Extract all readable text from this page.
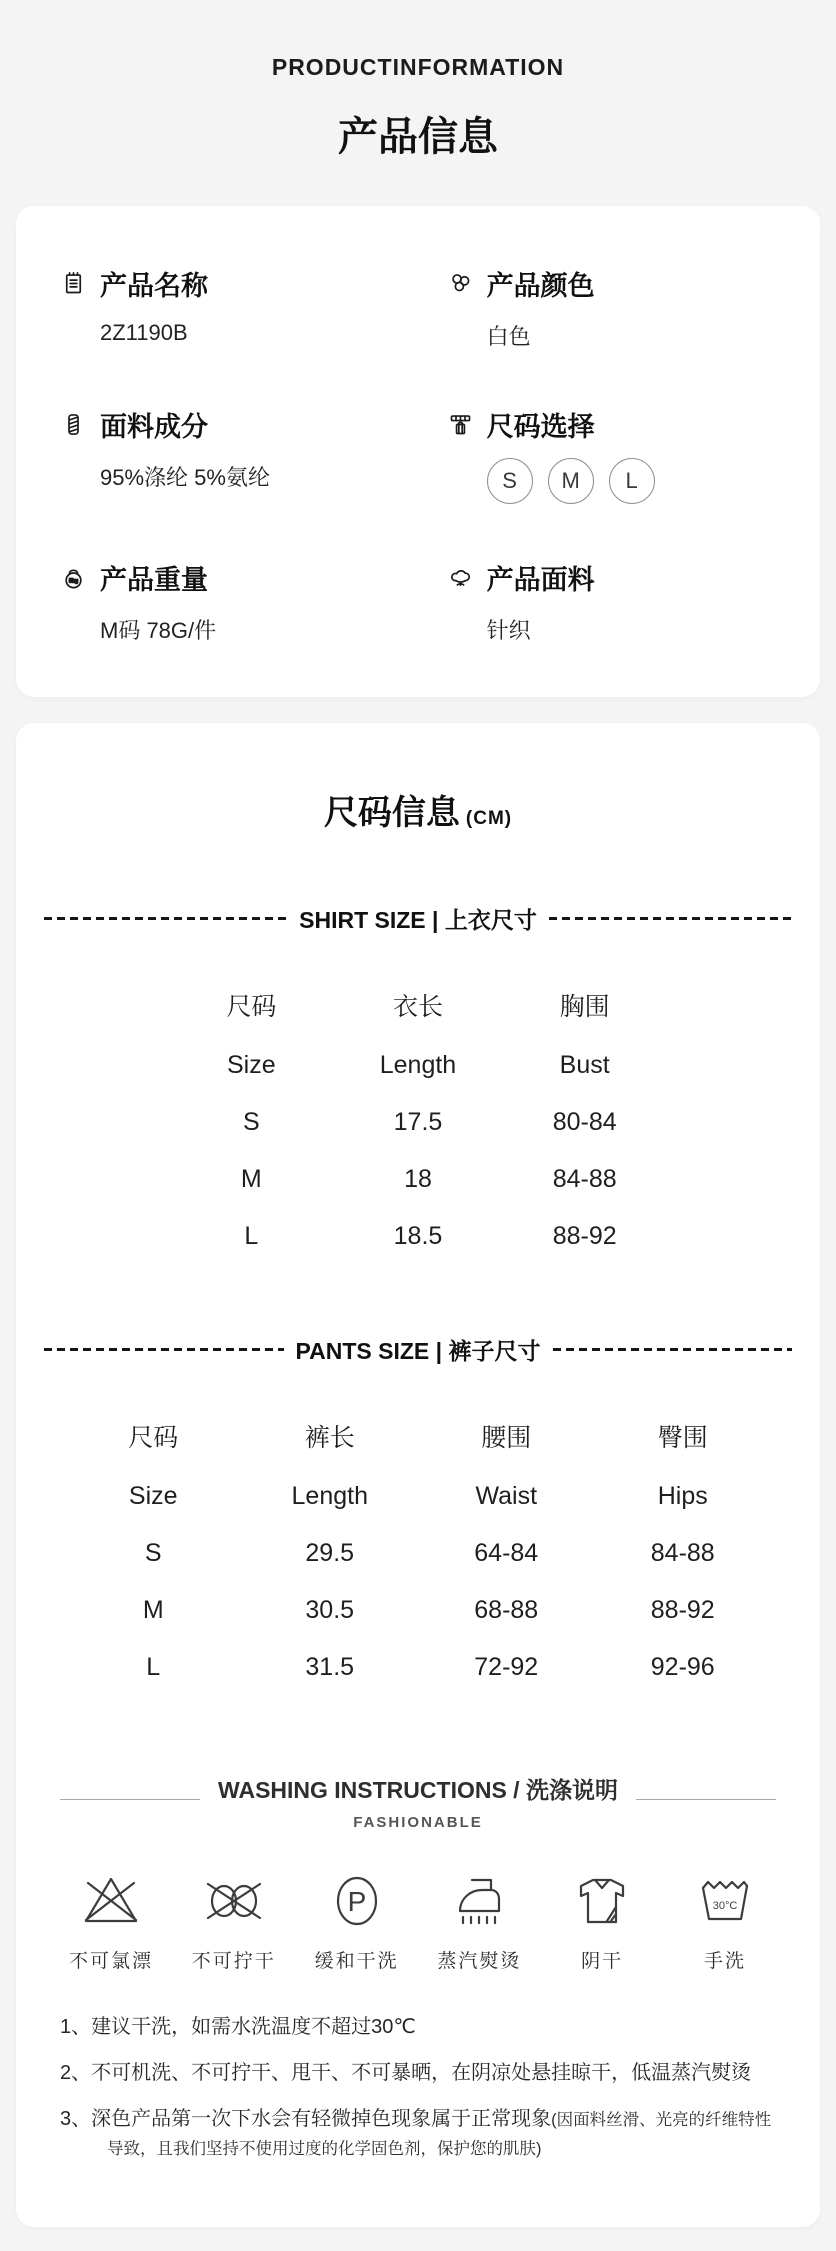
PRODUCTINFORMATION
产品信息
产品名称
2Z1190B
产品颜色
白色
面料成分
95%涤纶 5%氨纶
尺码选择
S	M	L
5kg 产品重量
M码 78G/件
产品面料
针织
尺码信息 (CM)
SHIRT SIZE | 上衣尺寸
尺码	衣长	胸围
Size	Length	Bust
S	17.5	80-84
M	18	84-88
L	18.5	88-92
PANTS SIZE | 裤子尺寸
尺码	裤长	腰围	臀围
Size	Length	Waist	Hips
S	29.5	64-84	84-88
M	30.5	68-88	88-92
L	31.5	72-92	92-96
WASHING INSTRUCTIONS / 洗涤说明
FASHIONABLE
不可氯漂 不可拧干
P
缓和干洗 蒸汽熨烫	阴干
30°C
手洗
1、建议干洗，如需水洗温度不超过30℃
2、不可机洗、不可拧干、甩干、不可暴晒，在阴凉处悬挂晾干，低温蒸汽熨烫
3、深色产品第一次下水会有轻微掉色现象属于正常现象(因面料丝滑、光亮的纤维特性导致，且我们坚持不使用过度的化学固色剂，保护您的肌肤)
